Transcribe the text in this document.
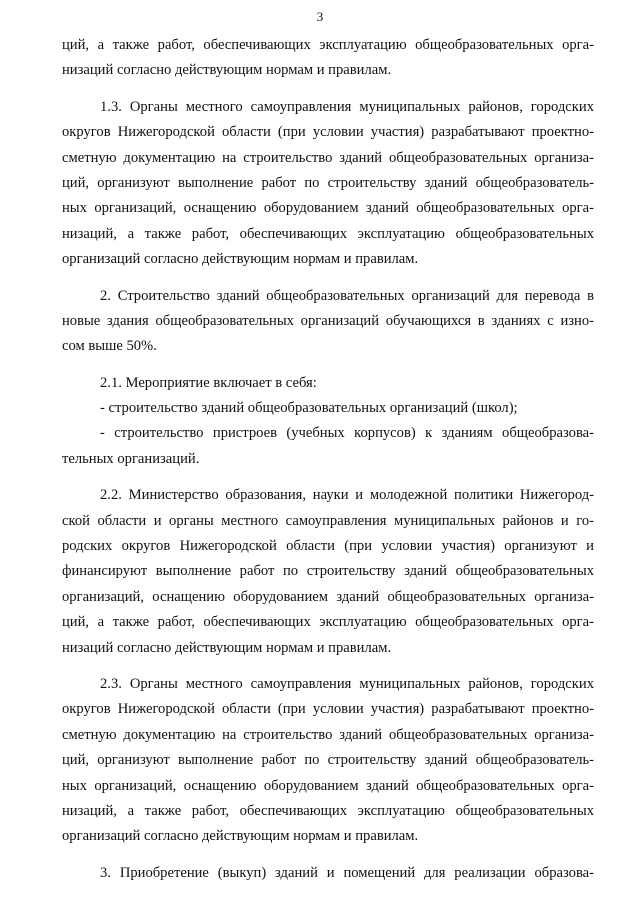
3
ций, а также работ, обеспечивающих эксплуатацию общеобразовательных орга-
низаций согласно действующим нормам и правилам.
1.3. Органы местного самоуправления муниципальных районов, городских
округов Нижегородской области (при условии участия) разрабатывают проектно-
сметную документацию на строительство зданий общеобразовательных организа-
ций, организуют выполнение работ по строительству зданий общеобразователь-
ных организаций, оснащению оборудованием зданий общеобразовательных орга-
низаций, а также работ, обеспечивающих эксплуатацию общеобразовательных
организаций согласно действующим нормам и правилам.
2. Строительство зданий общеобразовательных организаций для перевода в
новые здания общеобразовательных организаций обучающихся в зданиях с изно-
сом выше 50%.
2.1. Мероприятие включает в себя:
- строительство зданий общеобразовательных организаций (школ);
- строительство пристроев (учебных корпусов) к зданиям общеобразова-
тельных организаций.
2.2. Министерство образования, науки и молодежной политики Нижегород-
ской области и органы местного самоуправления муниципальных районов и го-
родских округов Нижегородской области (при условии участия) организуют и
финансируют выполнение работ по строительству зданий общеобразовательных
организаций, оснащению оборудованием зданий общеобразовательных организа-
ций, а также работ, обеспечивающих эксплуатацию общеобразовательных орга-
низаций согласно действующим нормам и правилам.
2.3. Органы местного самоуправления муниципальных районов, городских
округов Нижегородской области (при условии участия) разрабатывают проектно-
сметную документацию на строительство зданий общеобразовательных организа-
ций, организуют выполнение работ по строительству зданий общеобразователь-
ных организаций, оснащению оборудованием зданий общеобразовательных орга-
низаций, а также работ, обеспечивающих эксплуатацию общеобразовательных
организаций согласно действующим нормам и правилам.
3. Приобретение (выкуп) зданий и помещений для реализации образова-
